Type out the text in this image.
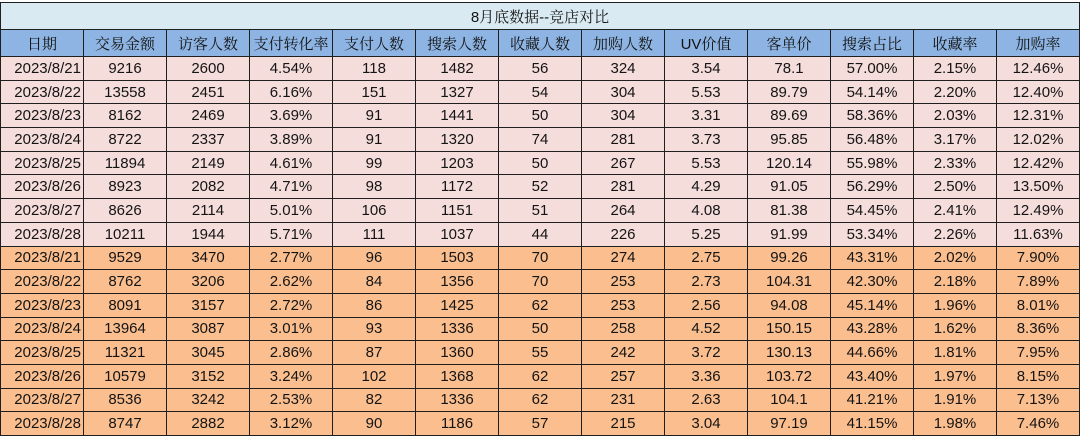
8月底数据--竞店对比												
日期	交易金额	访客人数	支付转化率	支付人数	搜索人数	收藏人数	加购人数	UV价值	客单价	搜索占比	收藏率	加购率
2023/8/21	9216	2600	4.54%	118	1482	56	324	3.54	78.1	57.00%	2.15%	12.46%
2023/8/22	13558	2451	6.16%	151	1327	54	304	5.53	89.79	54.14%	2.20%	12.40%
2023/8/23	8162	2469	3.69%	91	1441	50	304	3.31	89.69	58.36%	2.03%	12.31%
2023/8/24	8722	2337	3.89%	91	1320	74	281	3.73	95.85	56.48%	3.17%	12.02%
2023/8/25	11894	2149	4.61%	99	1203	50	267	5.53	120.14	55.98%	2.33%	12.42%
2023/8/26	8923	2082	4.71%	98	1172	52	281	4.29	91.05	56.29%	2.50%	13.50%
2023/8/27	8626	2114	5.01%	106	1151	51	264	4.08	81.38	54.45%	2.41%	12.49%
2023/8/28	10211	1944	5.71%	111	1037	44	226	5.25	91.99	53.34%	2.26%	11.63%
2023/8/21	9529	3470	2.77%	96	1503	70	274	2.75	99.26	43.31%	2.02%	7.90%
2023/8/22	8762	3206	2.62%	84	1356	70	253	2.73	104.31	42.30%	2.18%	7.89%
2023/8/23	8091	3157	2.72%	86	1425	62	253	2.56	94.08	45.14%	1.96%	8.01%
2023/8/24	13964	3087	3.01%	93	1336	50	258	4.52	150.15	43.28%	1.62%	8.36%
2023/8/25	11321	3045	2.86%	87	1360	55	242	3.72	130.13	44.66%	1.81%	7.95%
2023/8/26	10579	3152	3.24%	102	1368	62	257	3.36	103.72	43.40%	1.97%	8.15%
2023/8/27	8536	3242	2.53%	82	1336	62	231	2.63	104.1	41.21%	1.91%	7.13%
2023/8/28	8747	2882	3.12%	90	1186	57	215	3.04	97.19	41.15%	1.98%	7.46%
